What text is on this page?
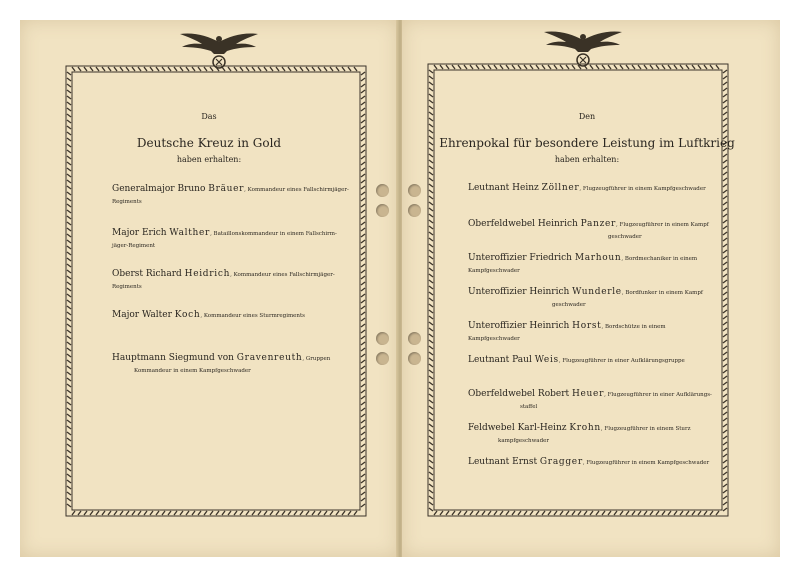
Das
Deutsche Kreuz in Gold
haben erhalten:
Generalmajor Bruno Bräuer, Kommandeur eines Fallschirmjäger-
Regiments
Major Erich Walther, Bataillonskommandeur in einem Fallschirm-
jäger-Regiment
Oberst Richard Heidrich, Kommandeur eines Fallschirmjäger-
Regiments
Major Walter Koch, Kommandeur eines Sturmregiments
Hauptmann Siegmund von Gravenreuth, Gruppen
Kommandeur in einem Kampfgeschwader
Den
Ehrenpokal für besondere Leistung im Luftkrieg
haben erhalten:
Leutnant Heinz Zöllner, Flugzeugführer in einem Kampfgeschwader
Oberfeldwebel Heinrich Panzer, Flugzeugführer in einem Kampf
geschwader
Unteroffizier Friedrich Marhoun, Bordmechaniker in einem
Kampfgeschwader
Unteroffizier Heinrich Wunderle, Bordfunker in einem Kampf
geschwader
Unteroffizier Heinrich Horst, Bordschütze in einem Kampfgeschwader
Leutnant Paul Weis, Flugzeugführer in einer Aufklärungsgruppe
Oberfeldwebel Robert Heuer, Flugzeugführer in einer Aufklärungs-
staffel
Feldwebel Karl-Heinz Krohn, Flugzeugführer in einem Sturz
kampfgeschwader
Leutnant Ernst Gragger, Flugzeugführer in einem Kampfgeschwader
